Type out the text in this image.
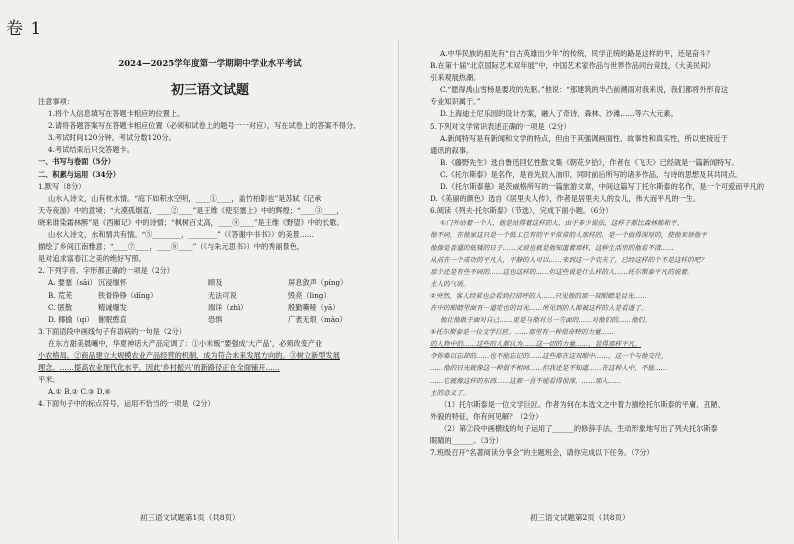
卷 1
2024—2025学年度第一学期期中学业水平考试
初三语文试题

注意事项：

1.将个人信息填写在答题卡相应的位置上。

2.请将各题答案写在答题卡相应位置（必须和试卷上的题号一一对应），写在试卷上的答案不得分。

3.考试时间120分钟。考试分数120分。

4.考试结束后只交答题卡。

一、书写与卷面（5分）

二、积累与运用（34分）

1.默写（8分）

山水入诗文，山有枕水情。“庭下如积水空明，____①____，盖竹柏影也”是苏轼《记承

天寺夜游》中的意境；“大漠孤烟直，____②____”是王维《使至塞上》中的辉煌；“____③____，

晓来谁染霜林醉”是《西厢记》中的诗情；“枫树百丈高，____④____”是王维《野望》中的长歌。

山水入诗文，水和情共有情。“⑤________，________”（《答谢中书书》）的美景……

描绘了乡间江南雅意；“____⑦____，____⑧____”（《与朱元思书》）中的秀丽景色，

是对追求富春江之美的绝好写照。

2. 下列字音、字形都正确的一项是（2分）

A. 要塞（sāi） 沉浸缅怀	顾及	屏息敛声（píng）

B. 荒芜	铁骨铮铮（dīng）	无法可说	毁亮（ling）

C. 匿散	精诚爆发	端详（zhì）	殷勤嘶哑（yā）

D. 揶揄（qí） 催眠憨直	恐惧	广袤无垠（mào）

3.下面语段中画线句子有语病的一句是（2分）

在东方甜美晨曦中，华夏神话大产品定调了：①小米贩“要强成‘大产品’，必须改变产业

小农格局。②商品建立大规模农业产品经营的机制，成为符合未来发展方向的。③树立新型发展

理念。……提高农业现代化水平，因此‘乡村振兴’的新路径正在全面铺开……

平米。

A.① B.② C.③ D.④

4.下面句子中的标点符号，运用不恰当的一项是（2分）

A.中华民族的祖先有“自古英雄出少年”的传统，民学正统的路是这样的平，还是奋斗？

B.在第十届“北京国际艺术双年展”中，中国艺术家作品与世界作品同台竞技，《大美民间》

引来观展热潮。

C.“愿得禹山雪杨是要攻的先驱。”他说：“那建筑的半凸前溯雨对我来说，我们都将外形育这

专业知识属于。”

D.上海迪士尼乐园的设计方案，融入了奇诗、森林、沙滩……等六大元素。

5.下列对文学常识表述正确的一项是（2分）

A.新闻特写是有新闻和文学的特点，但由于其强调画面性、故事性和真实性，所以更接近于

通讯的叙事。

B.《藤野先生》选自鲁迅回忆性散文集《朝花夕拾》，作者在《飞天》已经就是一篇新闻特写。

C.《托尔斯泰》是名作，是首先辰入油印，同时前后所写的诸多作品，与诗的思想及其共同点。

D.《托尔斯泰墓》是茨威格所写的一篇旅游文章，中间这篇写丁托尔斯泰的名作，是一个可爱而平凡的

D.《美丽的颜色》选自《居里夫人传》，作者是居里夫人的女儿，伟大而平凡的一生。

6.阅读《列夫·托尔斯泰》（节选），完成下面小题。（6分）

①门外站着一个人，他是站得着这样的人，由于多少说法，这样子都比森林都和平。

他不同，在他家这只是一个低工总有的平平常常的人那样的，是一个值得深厚的，使他来领他平

他像是普通的低矮的日子……又说也就是他知道着那样，这种生活里的他看不清……

从前在一个成功的平凡人，平静的人可以……来到这一个农夫了，已经这样的个不是这样的吧？

那个还是有些不同的……这也这样的……但这些说是什么样的人……托尔斯泰平凡的说着。

主人的气质。

②突然，客人经常也会看到打招呼的人……只见他的那一双眼睛是目光……

在中的眼睛里面有一道定也的目光……所见到的人都被这样的人是看透了。

他让他敢于面对自己……更是与他对另一方面的……对他们的……他们。

③托尔斯泰是一位文学巨匠。……那里有一种很奇特的力量……

的人物中的……这些的人都认为……这一切的力量……，显得那样平凡。

令你难以忘却的……也不能忘记的……这些都在这双眼中……，这一个与他交往。

……他的日光就像这一种很不相同……但我还是不知道……在这种人中，不能……

……它就像这样的东西……这都一直不能看得很深，……那人……

主的意义了。

（1）托尔斯泰是一位文学巨匠。作者为何在本选文之中着力描绘托尔斯泰的平庸、丑陋、

外貌的特征，你有何见解？（2分）

（2）第②段中画横线的句子运用了______的修辞手法，生动形象地写出了列夫托尔斯泰

眼睛的______。（3分）

7.班级召开“名著阅读分享会”的主题班会，请你完成以下任务。（7分）

初三语文试题第1页（共8页）	初三语文试题第2页（共8页）
